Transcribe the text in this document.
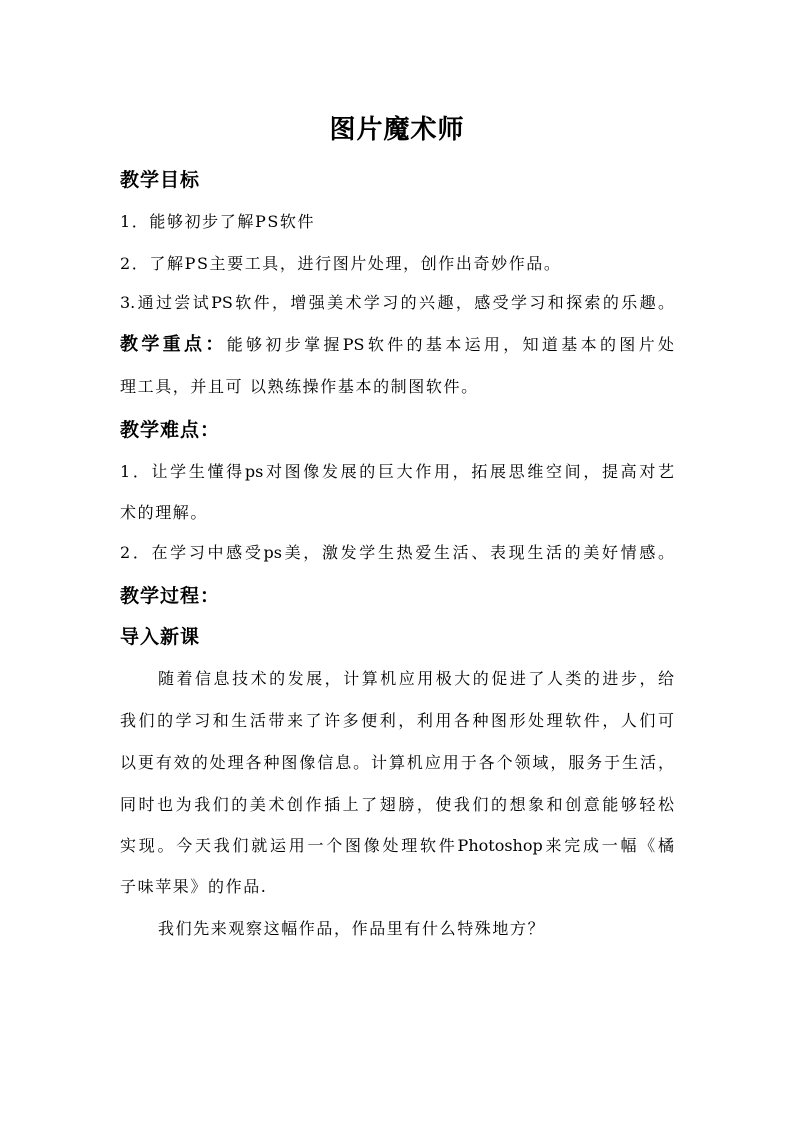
图片魔术师
教学目标
1．能够初步了解PS软件
2．了解PS主要工具，进行图片处理，创作出奇妙作品。
3.通过尝试PS软件，增强美术学习的兴趣，感受学习和探索的乐趣。
教学重点：能够初步掌握PS软件的基本运用，知道基本的图片处
理工具，并且可 以熟练操作基本的制图软件。
教学难点：
1．让学生懂得ps对图像发展的巨大作用，拓展思维空间，提高对艺
术的理解。
2．在学习中感受ps美，激发学生热爱生活、表现生活的美好情感。
教学过程：
导入新课
随着信息技术的发展，计算机应用极大的促进了人类的进步，给
我们的学习和生活带来了许多便利，利用各种图形处理软件，人们可
以更有效的处理各种图像信息。计算机应用于各个领域，服务于生活，
同时也为我们的美术创作插上了翅膀，使我们的想象和创意能够轻松
实现。今天我们就运用一个图像处理软件Photoshop来完成一幅《橘
子味苹果》的作品.
我们先来观察这幅作品，作品里有什么特殊地方？
